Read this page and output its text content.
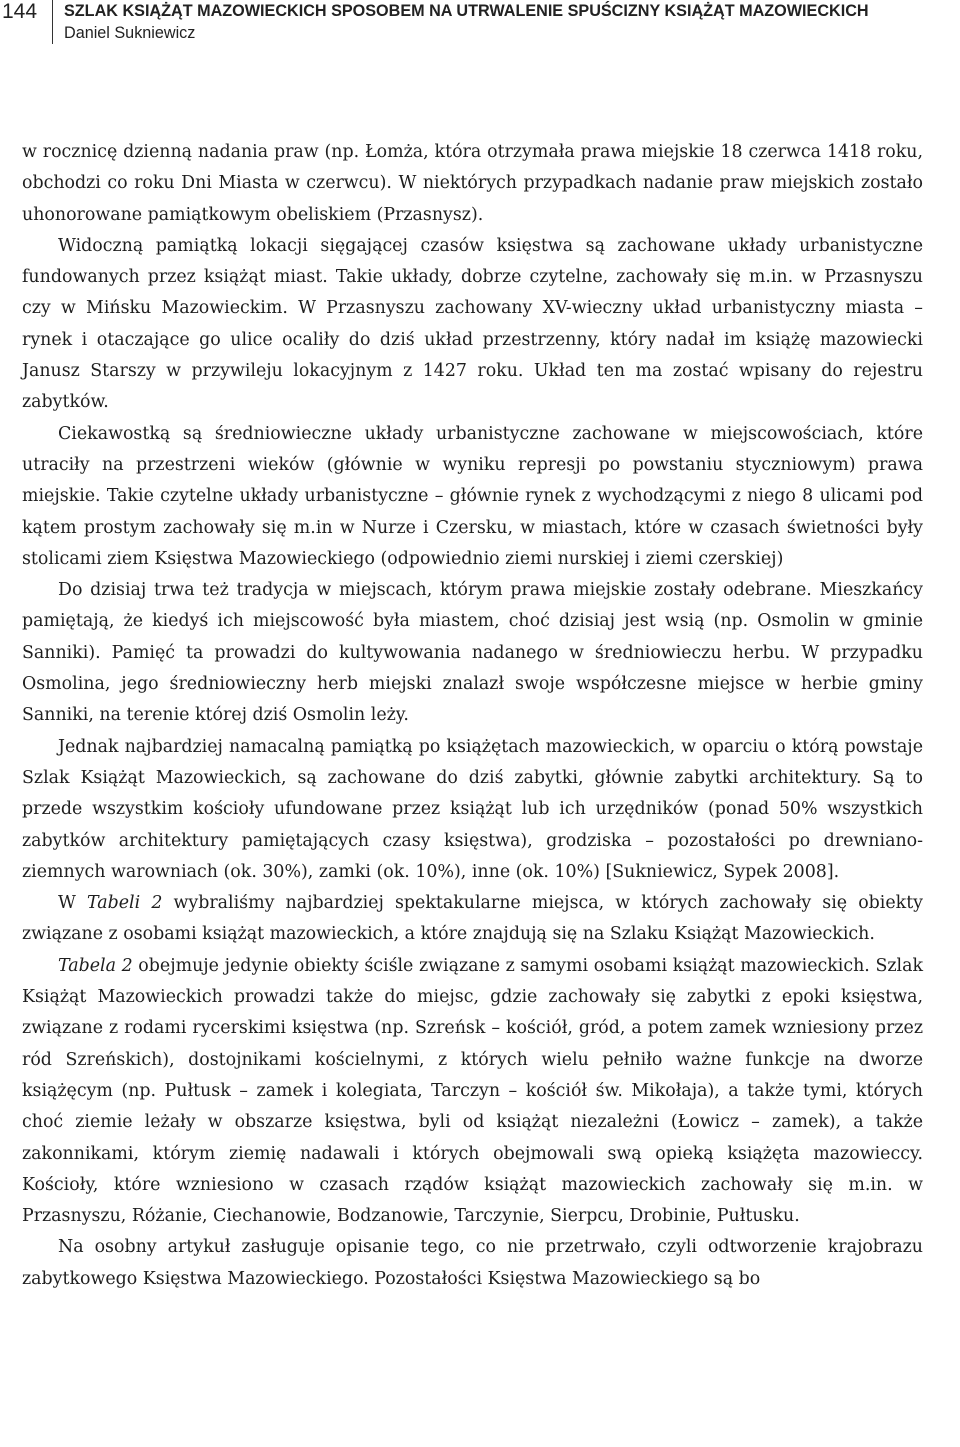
144 SZLAK KSIĄŻĄT MAZOWIECKICH SPOSOBEM NA UTRWALENIE SPUŚCIZNY KSIĄŻĄT MAZOWIECKICH
Daniel Sukniewicz

w rocznicę dzienną nadania praw (np. Łomża, która otrzymała prawa miejskie 18 czerwca 1418 roku, obchodzi co roku Dni Miasta w czerwcu). W niektórych przypadkach nadanie praw miejskich zostało uhonorowane pamiątkowym obeliskiem (Przasnysz).

Widoczną pamiątką lokacji sięgającej czasów księstwa są zachowane układy urbanistyczne fundowanych przez książąt miast. Takie układy, dobrze czytelne, zachowały się m.in. w Przasnyszu czy w Mińsku Mazowieckim. W Przasnyszu zachowany XV-wieczny układ urbanistyczny miasta – rynek i otaczające go ulice ocaliły do dziś układ przestrzenny, który nadał im książę mazowiecki Janusz Starszy w przywileju lokacyjnym z 1427 roku. Układ ten ma zostać wpisany do rejestru zabytków.

Ciekawostką są średniowieczne układy urbanistyczne zachowane w miejscowościach, które utraciły na przestrzeni wieków (głównie w wyniku represji po powstaniu styczniowym) prawa miejskie. Takie czytelne układy urbanistyczne – głównie rynek z wychodzącymi z niego 8 ulicami pod kątem prostym zachowały się m.in w Nurze i Czersku, w miastach, które w czasach świetności były stolicami ziem Księstwa Mazowieckiego (odpowiednio ziemi nurskiej i ziemi czerskiej)

Do dzisiaj trwa też tradycja w miejscach, którym prawa miejskie zostały odebrane. Mieszkańcy pamiętają, że kiedyś ich miejscowość była miastem, choć dzisiaj jest wsią (np. Osmolin w gminie Sanniki). Pamięć ta prowadzi do kultywowania nadanego w średniowieczu herbu. W przypadku Osmolina, jego średniowieczny herb miejski znalazł swoje współczesne miejsce w herbie gminy Sanniki, na terenie której dziś Osmolin leży.

Jednak najbardziej namacalną pamiątką po książętach mazowieckich, w oparciu o którą powstaje Szlak Książąt Mazowieckich, są zachowane do dziś zabytki, głównie zabytki architektury. Są to przede wszystkim kościoły ufundowane przez książąt lub ich urzędników (ponad 50% wszystkich zabytków architektury pamiętających czasy księstwa), grodziska – pozostałości po drewniano-ziemnych warowniach (ok. 30%), zamki (ok. 10%), inne (ok. 10%) [Sukniewicz, Sypek 2008].

W Tabeli 2 wybraliśmy najbardziej spektakularne miejsca, w których zachowały się obiekty związane z osobami książąt mazowieckich, a które znajdują się na Szlaku Książąt Mazowieckich.

Tabela 2 obejmuje jedynie obiekty ściśle związane z samymi osobami książąt mazowieckich. Szlak Książąt Mazowieckich prowadzi także do miejsc, gdzie zachowały się zabytki z epoki księstwa, związane z rodami rycerskimi księstwa (np. Szreńsk – kościół, gród, a potem zamek wzniesiony przez ród Szreńskich), dostojnikami kościelnymi, z których wielu pełniło ważne funkcje na dworze książęcym (np. Pułtusk – zamek i kolegiata, Tarczyn – kościół św. Mikołaja), a także tymi, których choć ziemie leżały w obszarze księstwa, byli od książąt niezależni (Łowicz – zamek), a także zakonnikami, którym ziemię nadawali i których obejmowali swą opieką książęta mazowieccy. Kościoły, które wzniesiono w czasach rządów książąt mazowieckich zachowały się m.in. w Przasnyszu, Różanie, Ciechanowie, Bodzanowie, Tarczynie, Sierpcu, Drobinie, Pułtusku.

Na osobny artykuł zasługuje opisanie tego, co nie przetrwało, czyli odtworzenie krajobrazu zabytkowego Księstwa Mazowieckiego. Pozostałości Księstwa Mazowieckiego są bo
